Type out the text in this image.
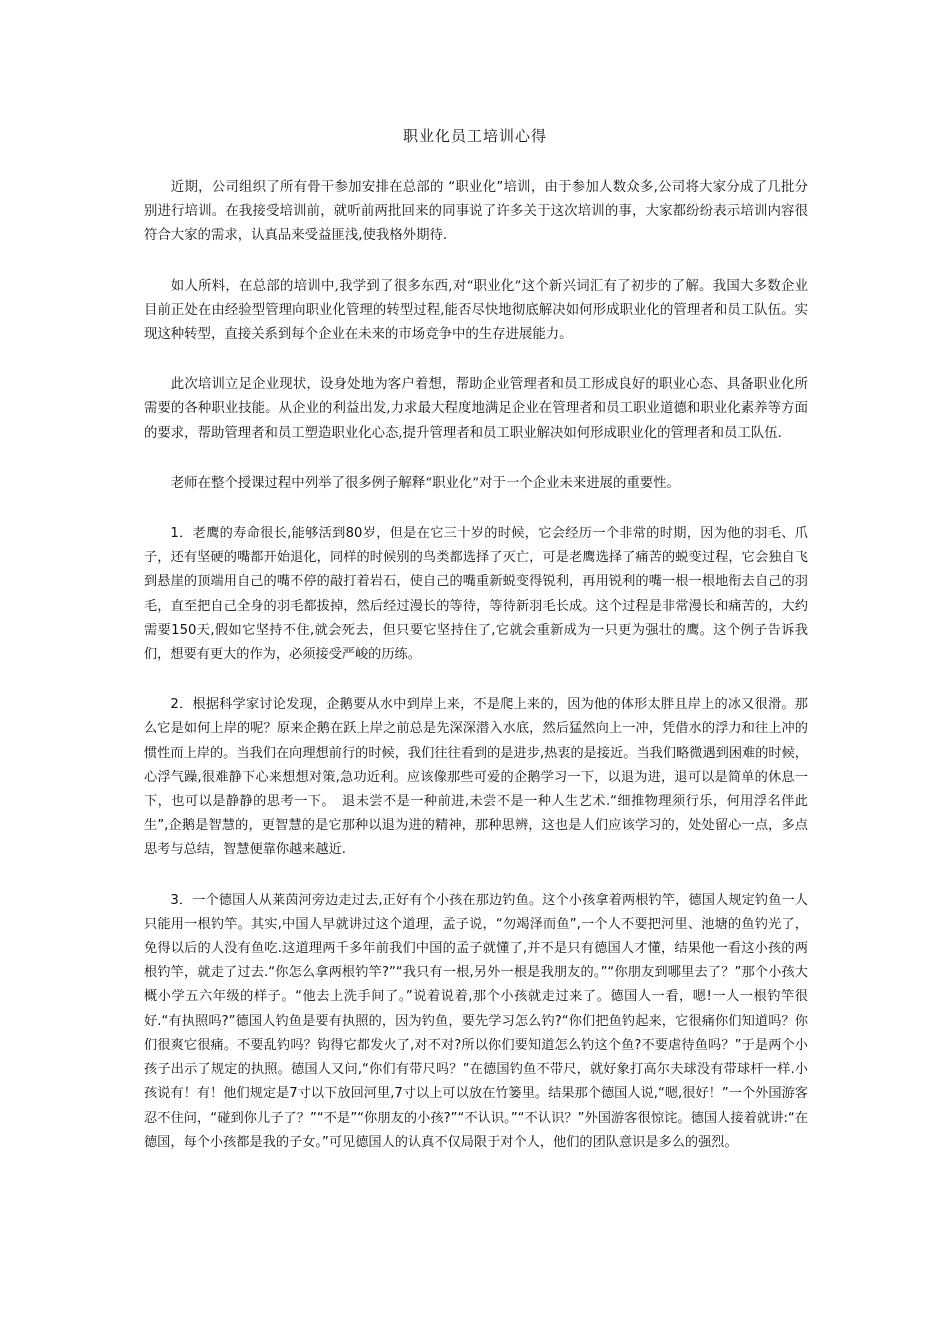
职业化员工培训心得

近期，公司组织了所有骨干参加安排在总部的 “职业化”培训，由于参加人数众多,公司将大家分成了几批分别进行培训。在我接受培训前，就听前两批回来的同事说了许多关于这次培训的事，大家都纷纷表示培训内容很符合大家的需求，认真品来受益匪浅,使我格外期待.

如人所料，在总部的培训中,我学到了很多东西,对“职业化”这个新兴词汇有了初步的了解。我国大多数企业目前正处在由经验型管理向职业化管理的转型过程,能否尽快地彻底解决如何形成职业化的管理者和员工队伍。实现这种转型，直接关系到每个企业在未来的市场竞争中的生存进展能力。

此次培训立足企业现状，设身处地为客户着想，帮助企业管理者和员工形成良好的职业心态、具备职业化所需要的各种职业技能。从企业的利益出发,力求最大程度地满足企业在管理者和员工职业道德和职业化素养等方面的要求，帮助管理者和员工塑造职业化心态,提升管理者和员工职业解决如何形成职业化的管理者和员工队伍.

老师在整个授课过程中列举了很多例子解释“职业化”对于一个企业未来进展的重要性。

1．老鹰的寿命很长,能够活到80岁，但是在它三十岁的时候，它会经历一个非常的时期，因为他的羽毛、爪子，还有坚硬的嘴都开始退化，同样的时候别的鸟类都选择了灭亡，可是老鹰选择了痛苦的蜕变过程，它会独自飞到悬崖的顶端用自己的嘴不停的敲打着岩石，使自己的嘴重新蜕变得锐利，再用锐利的嘴一根一根地衔去自己的羽毛，直至把自己全身的羽毛都拔掉，然后经过漫长的等待，等待新羽毛长成。这个过程是非常漫长和痛苦的，大约需要150天,假如它坚持不住,就会死去，但只要它坚持住了,它就会重新成为一只更为强壮的鹰。这个例子告诉我们，想要有更大的作为，必须接受严峻的历练。

2．根据科学家讨论发现，企鹅要从水中到岸上来，不是爬上来的，因为他的体形太胖且岸上的冰又很滑。那么它是如何上岸的呢？原来企鹅在跃上岸之前总是先深深潜入水底，然后猛然向上一冲，凭借水的浮力和往上冲的惯性而上岸的。当我们在向理想前行的时候，我们往往看到的是进步,热衷的是接近。当我们略微遇到困难的时候，心浮气躁,很难静下心来想想对策,急功近利。应该像那些可爱的企鹅学习一下，以退为进，退可以是简单的休息一下，也可以是静静的思考一下。　退未尝不是一种前进,未尝不是一种人生艺术.“细推物理须行乐，何用浮名伴此生”,企鹅是智慧的，更智慧的是它那种以退为进的精神，那种思辨，这也是人们应该学习的，处处留心一点，多点思考与总结，智慧便靠你越来越近.

3．一个德国人从莱茵河旁边走过去,正好有个小孩在那边钓鱼。这个小孩拿着两根钓竿，德国人规定钓鱼一人只能用一根钓竿。其实,中国人早就讲过这个道理，孟子说，“勿竭泽而鱼”,一个人不要把河里、池塘的鱼钓光了，免得以后的人没有鱼吃.这道理两千多年前我们中国的孟子就懂了,并不是只有德国人才懂，结果他一看这小孩的两根钓竿，就走了过去.“你怎么拿两根钓竿?”“我只有一根,另外一根是我朋友的。”“你朋友到哪里去了？”那个小孩大概小学五六年级的样子。“他去上洗手间了。”说着说着,那个小孩就走过来了。德国人一看，嗯!一人一根钓竿很好.“有执照吗?”德国人钓鱼是要有执照的，因为钓鱼，要先学习怎么钓?“你们把鱼钓起来，它很痛你们知道吗？你们很爽它很痛。不要乱钓吗？钩得它都发火了,对不对?所以你们要知道怎么钓这个鱼?不要虐待鱼吗？”于是两个小孩子出示了规定的执照。德国人又问,“你们有带尺吗？”在德国钓鱼不带尺，就好象打高尔夫球没有带球杆一样.小孩说有！有！他们规定是7寸以下放回河里,7寸以上可以放在竹篓里。结果那个德国人说,“嗯,很好！”一个外国游客忍不住问，“碰到你儿子了？”“不是”“你朋友的小孩?”“不认识。”“不认识？”外国游客很惊诧。德国人接着就讲:“在德国，每个小孩都是我的子女。”可见德国人的认真不仅局限于对个人，他们的团队意识是多么的强烈。
